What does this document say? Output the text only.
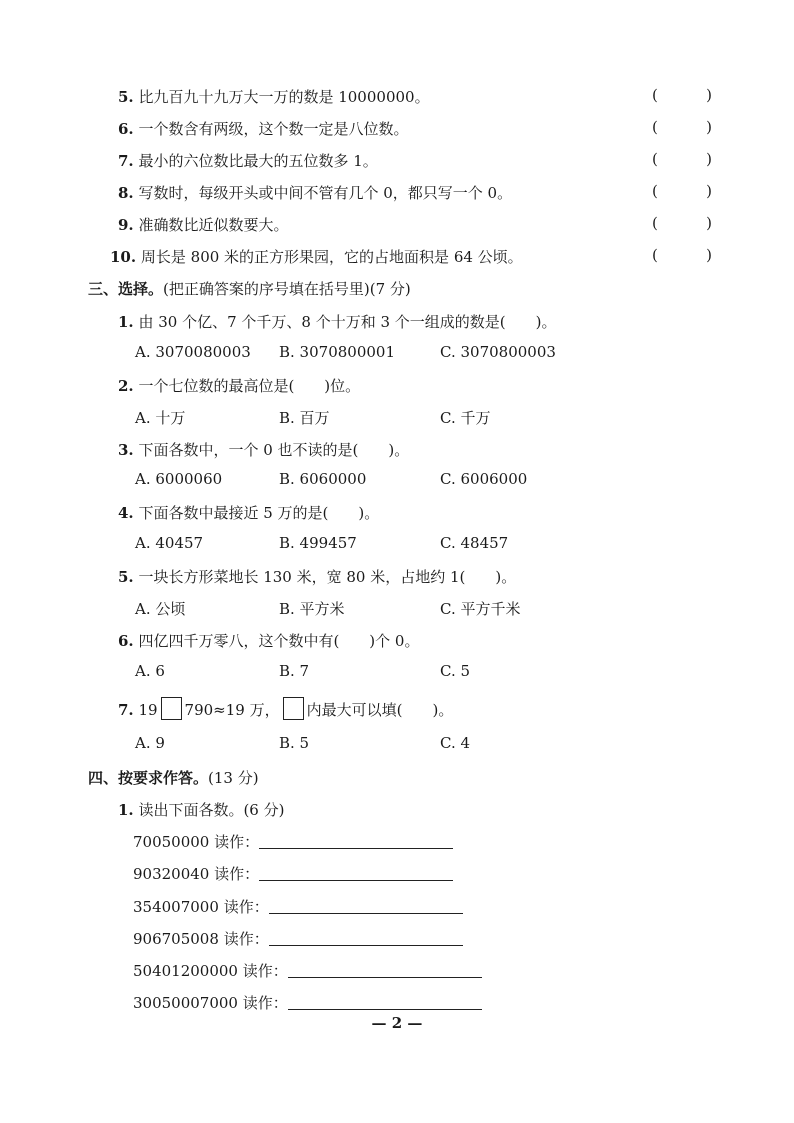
5. 比九百九十九万大一万的数是 10000000。	(	)
6. 一个数含有两级，这个数一定是八位数。	(	)
7. 最小的六位数比最大的五位数多 1。	(	)
8. 写数时，每级开头或中间不管有几个 0，都只写一个 0。	(	)
9. 准确数比近似数要大。	(	)
10. 周长是 800 米的正方形果园，它的占地面积是 64 公顷。	(	)
三、选择。(把正确答案的序号填在括号里)(7 分)
1. 由 30 个亿、7 个千万、8 个十万和 3 个一组成的数是(　　)。
A. 3070080003 B. 3070800001	C. 3070800003
2. 一个七位数的最高位是(　　)位。
A. 十万	B. 百万	C. 千万
3. 下面各数中，一个 0 也不读的是(　　)。
A. 6000060	B. 6060000	C. 6006000
4. 下面各数中最接近 5 万的是(　　)。
A. 40457	B. 499457	C. 48457
5. 一块长方形菜地长 130 米，宽 80 米，占地约 1(　　)。
A. 公顷	B. 平方米	C. 平方千米
6. 四亿四千万零八，这个数中有(　　)个 0。
A. 6	B. 7	C. 5
7. 19 790≈19 万， 内最大可以填(　　)。
A. 9	B. 5	C. 4
四、按要求作答。(13 分)
1. 读出下面各数。(6 分)
70050000 读作：
90320040 读作：
354007000 读作：
906705008 读作：
50401200000 读作：
30050007000 读作：
— 2 —
